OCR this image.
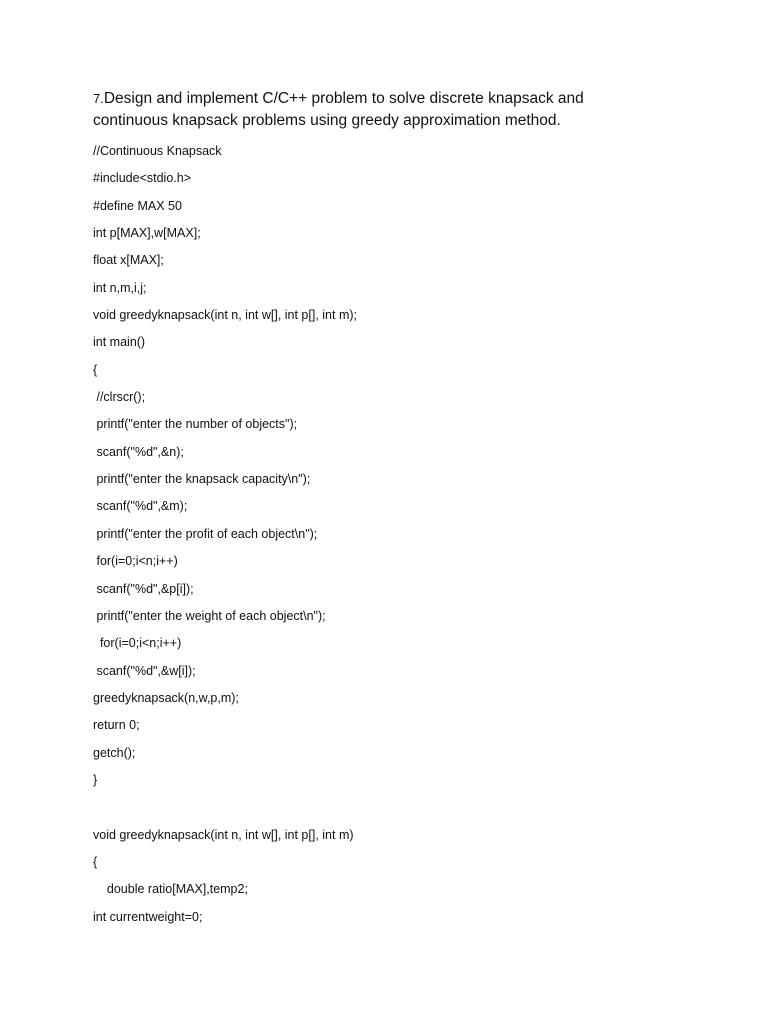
7.Design and implement C/C++ problem to solve discrete knapsack and
continuous knapsack problems using greedy approximation method.
//Continuous Knapsack
#include<stdio.h>
#define MAX 50
int p[MAX],w[MAX];
float x[MAX];
int n,m,i,j;
void greedyknapsack(int n, int w[], int p[], int m);
int main()
{
//clrscr();
printf("enter the number of objects");
scanf("%d",&n);
printf("enter the knapsack capacity\n");
scanf("%d",&m);
printf("enter the profit of each object\n");
for(i=0;i<n;i++)
scanf("%d",&p[i]);
printf("enter the weight of each object\n");
for(i=0;i<n;i++)
scanf("%d",&w[i]);
greedyknapsack(n,w,p,m);
return 0;
getch();
}
void greedyknapsack(int n, int w[], int p[], int m)
{
double ratio[MAX],temp2;
int currentweight=0;
